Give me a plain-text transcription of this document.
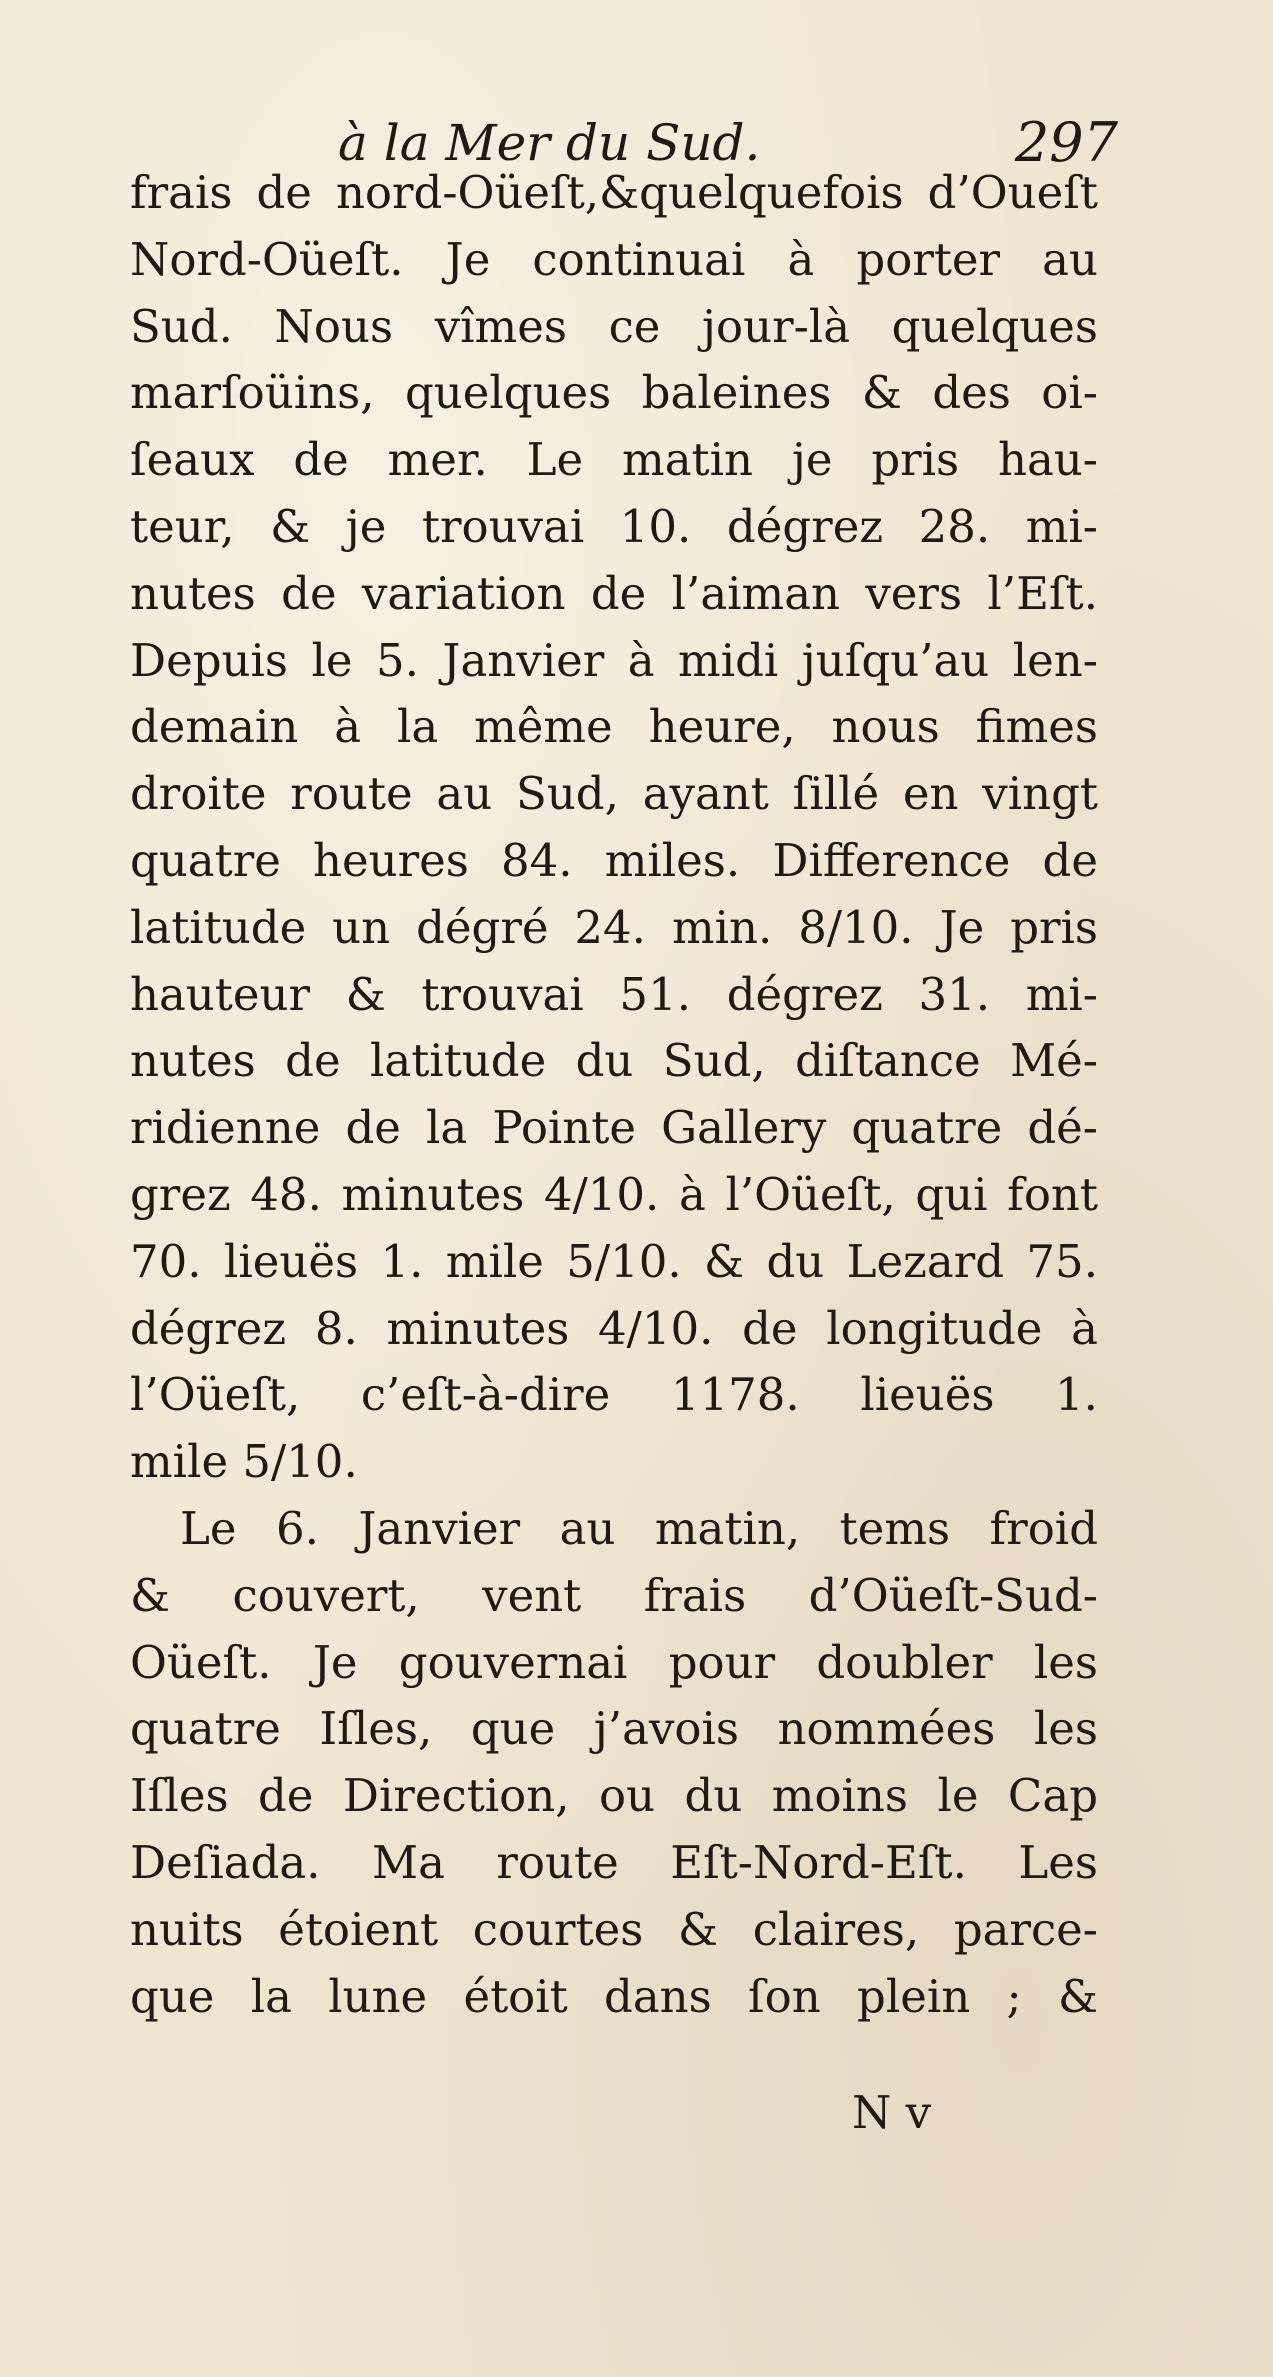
à la Mer du Sud.	297
frais de nord-Oüeſt,&quelquefois d’Oueſt
Nord-Oüeſt. Je continuai à porter au
Sud. Nous vîmes ce jour-là quelques
marſoüins, quelques baleines & des oi-
ſeaux de mer. Le matin je pris hau-
teur, & je trouvai 10. dégrez 28. mi-
nutes de variation de l’aiman vers l’Eſt.
Depuis le 5. Janvier à midi juſqu’au len-
demain à la même heure, nous fimes
droite route au Sud, ayant ſillé en vingt
quatre heures 84. miles. Difference de
latitude un dégré 24. min. 8/10. Je pris
hauteur & trouvai 51. dégrez 31. mi-
nutes de latitude du Sud, diſtance Mé-
ridienne de la Pointe Gallery quatre dé-
grez 48. minutes 4/10. à l’Oüeſt, qui font
70. lieuës 1. mile 5/10. & du Lezard 75.
dégrez 8. minutes 4/10. de longitude à
l’Oüeſt, c’eſt-à-dire 1178. lieuës 1.
mile 5/10.
Le 6. Janvier au matin, tems froid
& couvert, vent frais d’Oüeſt-Sud-
Oüeſt. Je gouvernai pour doubler les
quatre Iſles, que j’avois nommées les
Iſles de Direction, ou du moins le Cap
Deſiada. Ma route Eſt-Nord-Eſt. Les
nuits étoient courtes & claires, parce-
que la lune étoit dans ſon plein ; &
N v
